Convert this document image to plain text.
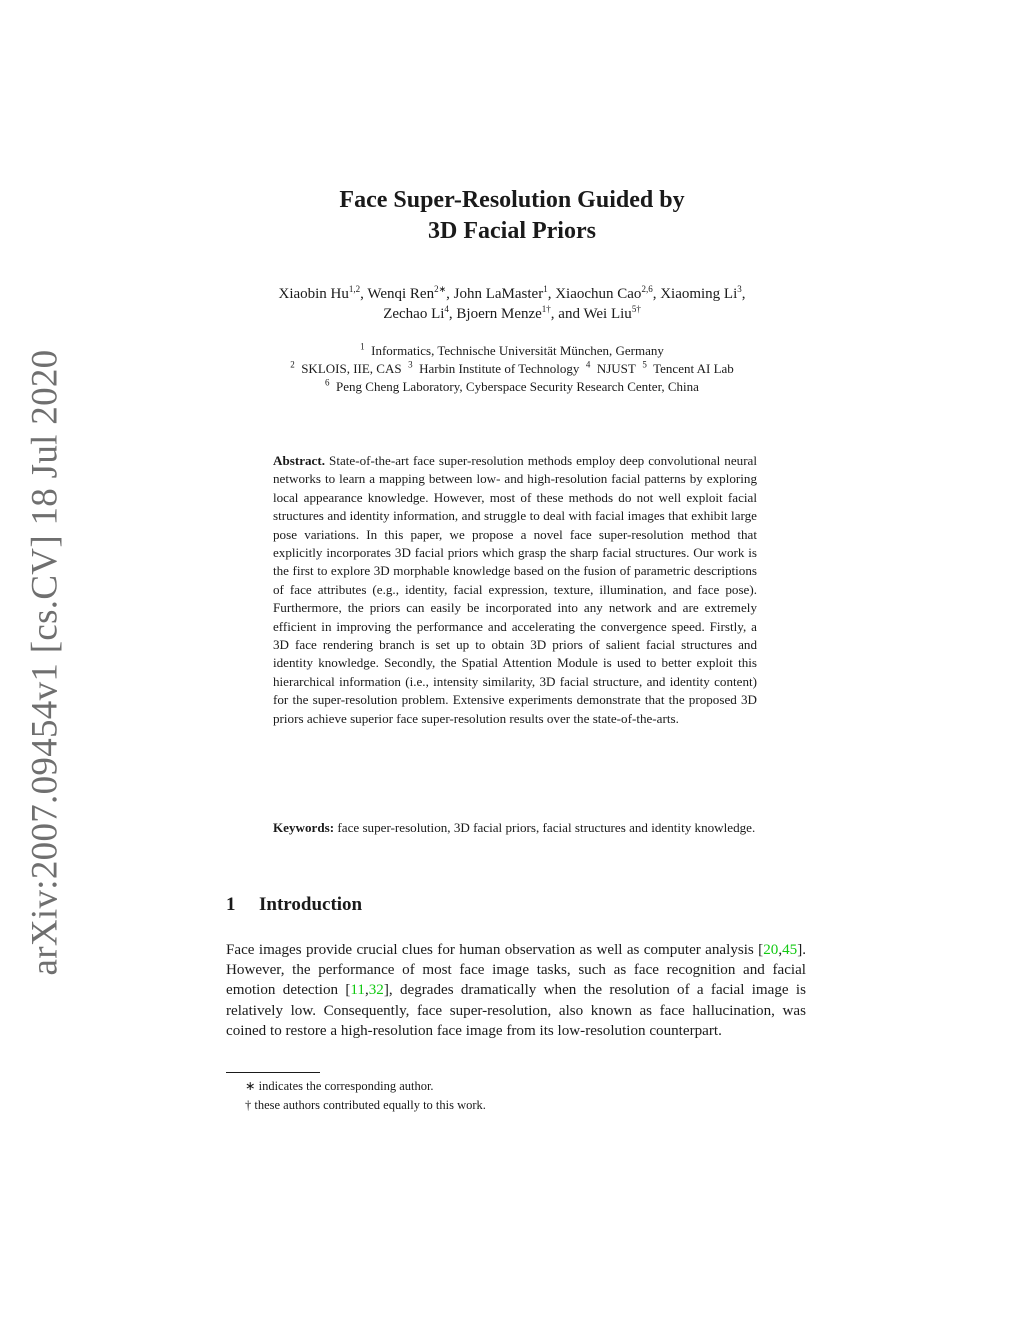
arXiv:2007.09454v1 [cs.CV] 18 Jul 2020
Face Super-Resolution Guided by
3D Facial Priors
Xiaobin Hu$^{1,2}$, Wenqi Ren$^{2∗}$, John LaMaster$^1$, Xiaochun Cao$^{2,6}$, Xiaoming Li$^3$,
Zechao Li$^4$, Bjoern Menze$^{1\dagger}$, and Wei Liu$^{5\dagger}$
$^1$ Informatics, Technische Universität München, Germany
$^2$ SKLOIS, IIE, CAS $^3$ Harbin Institute of Technology $^4$ NJUST $^5$ Tencent AI Lab
$^6$ Peng Cheng Laboratory, Cyberspace Security Research Center, China
Abstract. State-of-the-art face super-resolution methods employ deep convolutional neural networks to learn a mapping between low- and high-resolution facial patterns by exploring local appearance knowledge. However, most of these methods do not well exploit facial structures and identity information, and struggle to deal with facial images that exhibit large pose variations. In this paper, we propose a novel face super-resolution method that explicitly incorporates 3D facial priors which grasp the sharp facial structures. Our work is the first to explore 3D morphable knowledge based on the fusion of parametric descriptions of face attributes (e.g., identity, facial expression, texture, illumination, and face pose). Furthermore, the priors can easily be incorporated into any network and are extremely efficient in improving the performance and accelerating the convergence speed. Firstly, a 3D face rendering branch is set up to obtain 3D priors of salient facial structures and identity knowledge. Secondly, the Spatial Attention Module is used to better exploit this hierarchical information (i.e., intensity similarity, 3D facial structure, and identity content) for the super-resolution problem. Extensive experiments demonstrate that the proposed 3D priors achieve superior face super-resolution results over the state-of-the-arts.
Keywords: face super-resolution, 3D facial priors, facial structures and identity knowledge.
1 Introduction
Face images provide crucial clues for human observation as well as computer analysis [20,45]. However, the performance of most face image tasks, such as face recognition and facial emotion detection [11,32], degrades dramatically when the resolution of a facial image is relatively low. Consequently, face super-resolution, also known as face hallucination, was coined to restore a high-resolution face image from its low-resolution counterpart.
∗ indicates the corresponding author.
† these authors contributed equally to this work.
